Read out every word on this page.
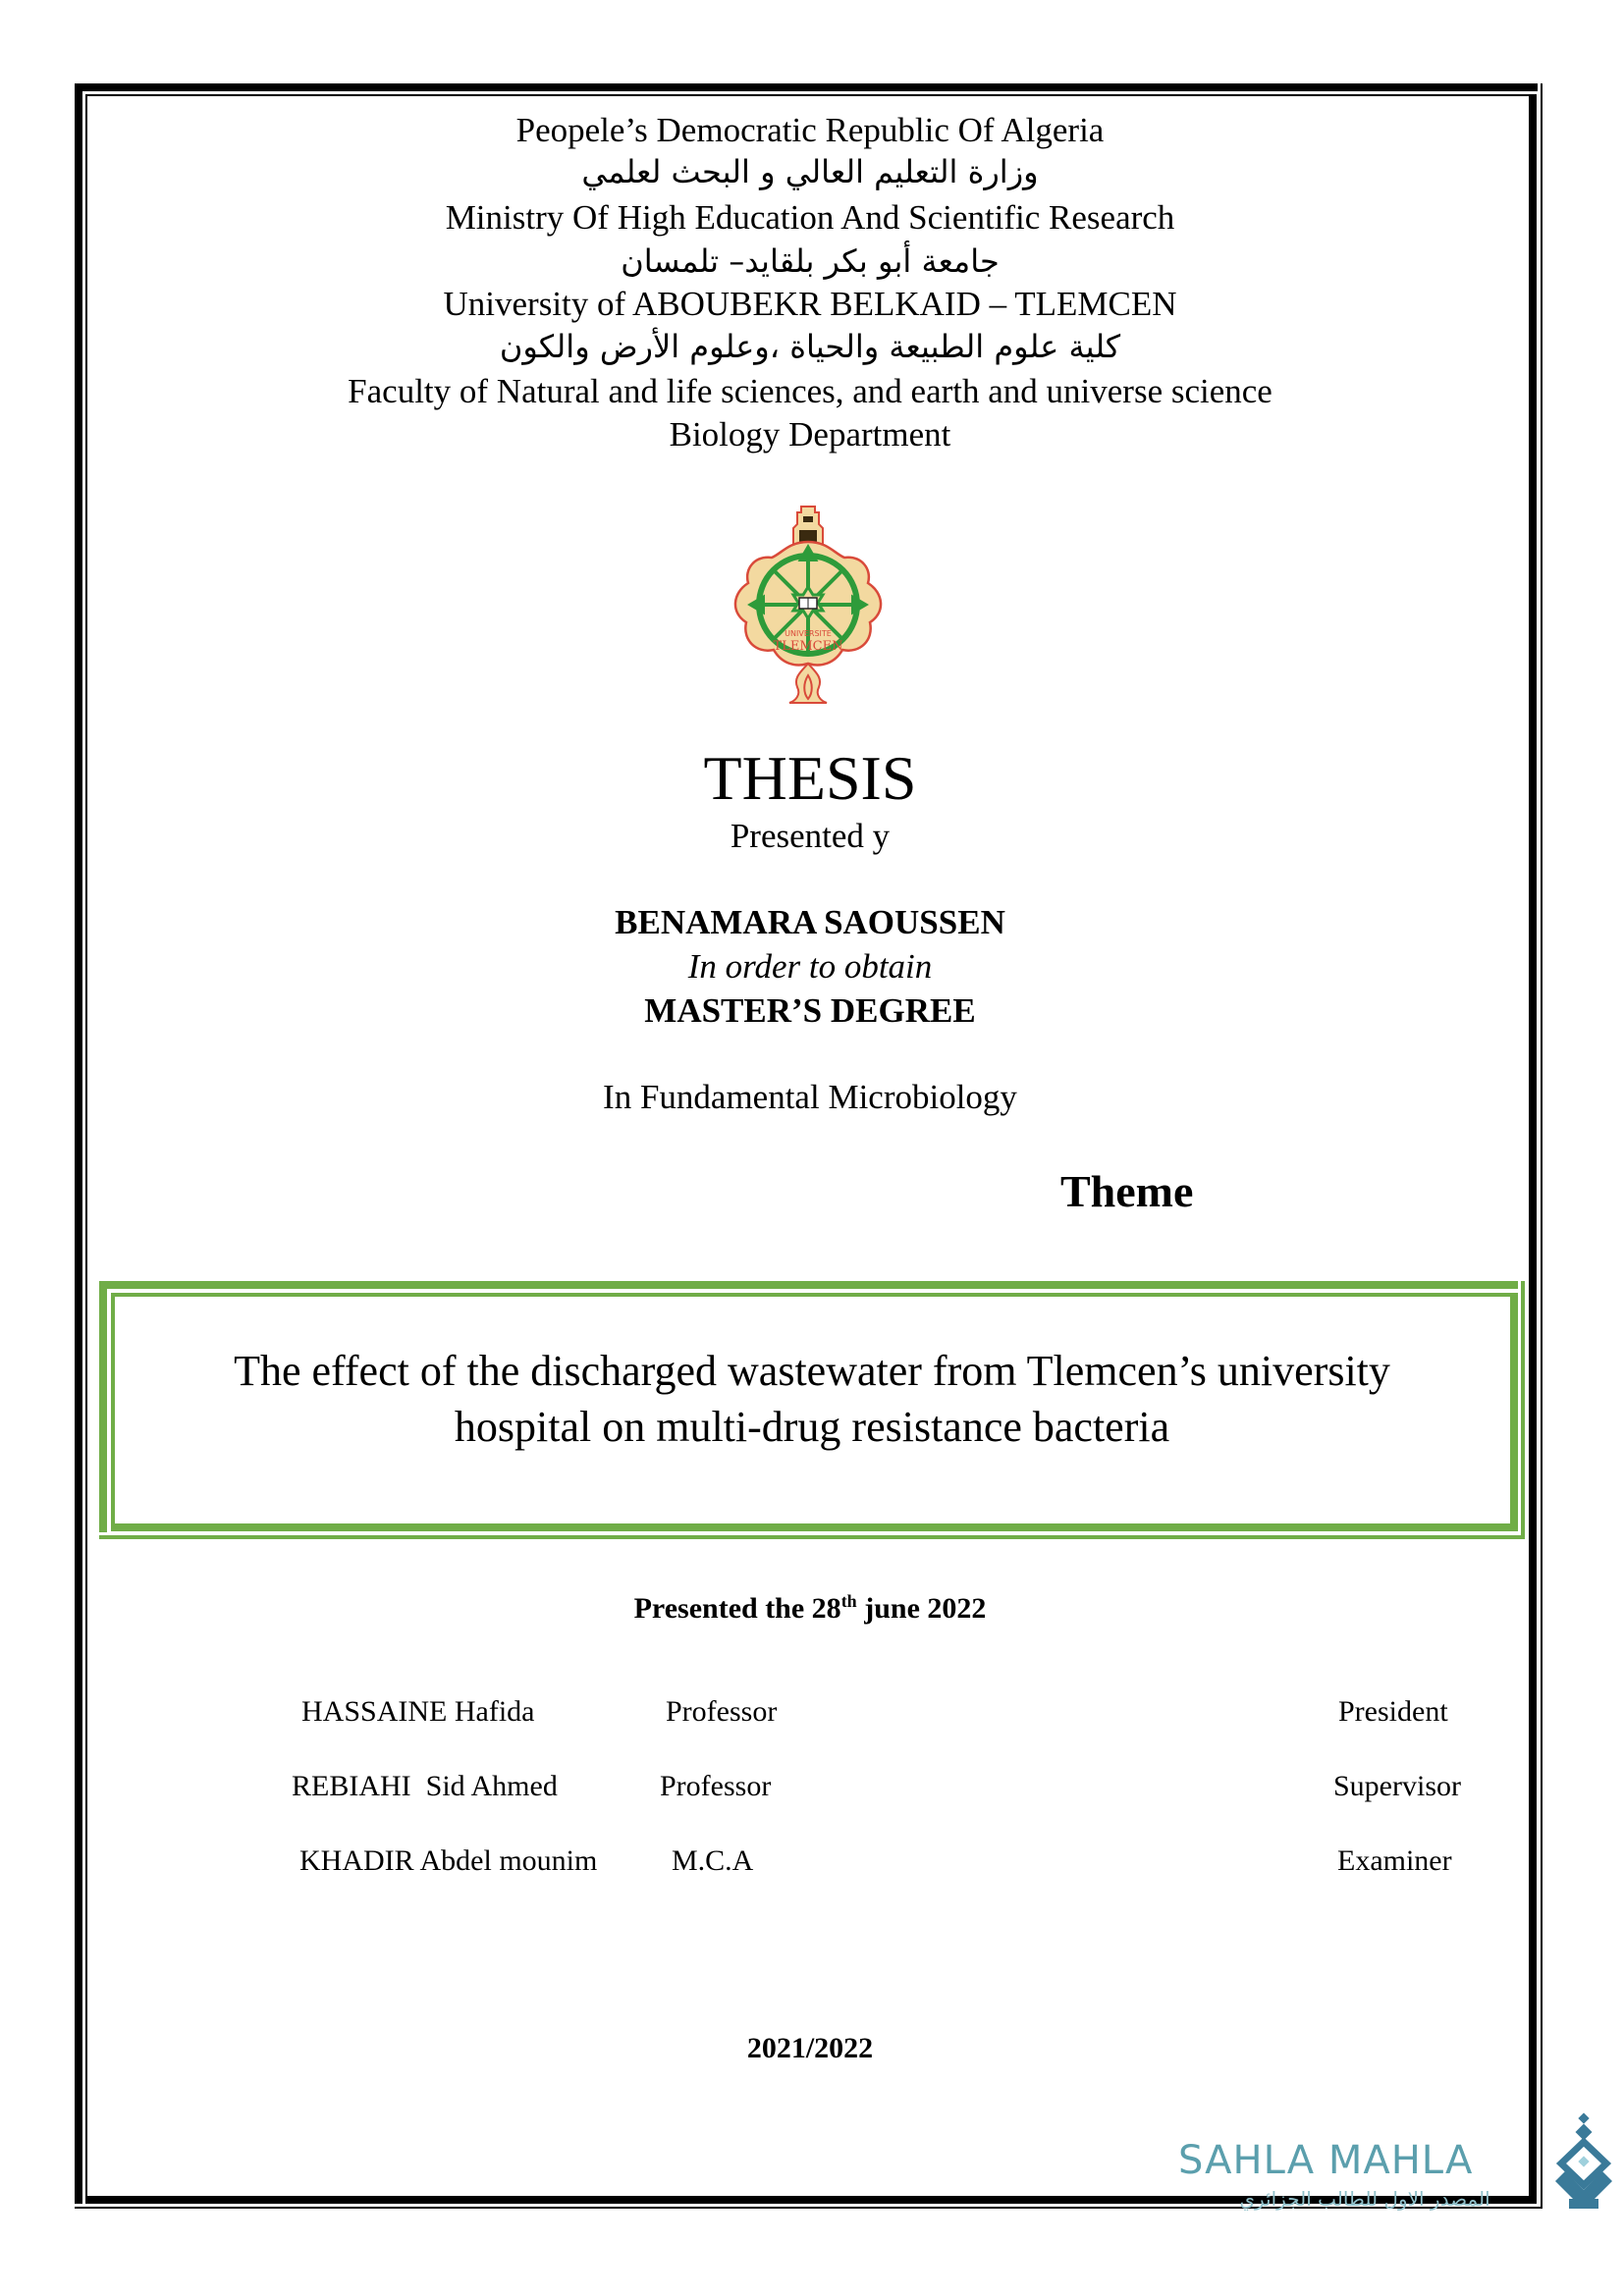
Peopele’s Democratic Republic Of Algeria
وزارة التعليم العالي و البحث لعلمي
Ministry Of High Education And Scientific Research
جامعة أبو بكر بلقايد– تلمسان
University of ABOUBEKR BELKAID – TLEMCEN
كلية علوم الطبيعة والحياة ،وعلوم الأرض والكون
Faculty of Natural and life sciences, and earth and universe science
Biology Department
UNIVERSITE
TLEMCEN
THESIS
Presented y
BENAMARA SAOUSSEN
In order to obtain
MASTER’S DEGREE
In Fundamental Microbiology
Theme
The effect of the discharged wastewater from Tlemcen’s university
hospital on multi-drug resistance bacteria
Presented the 28th june 2022
HASSAINE Hafida	Professor	President
REBIAHI  Sid Ahmed	Professor	Supervisor
KHADIR Abdel mounim	M.C.A	Examiner
2021/2022
SAHLA MAHLA
المصدر الاول للطالب الجزائري
